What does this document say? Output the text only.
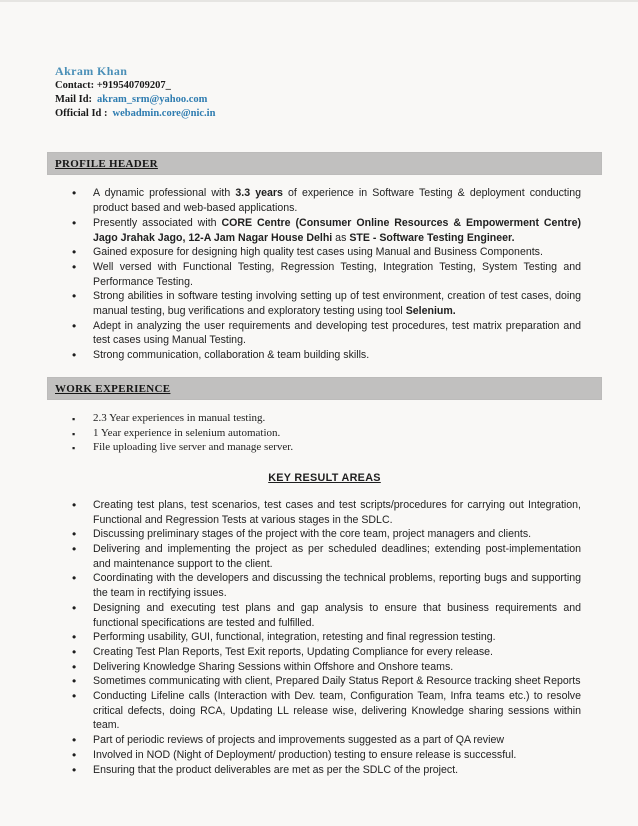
Akram Khan
Contact: +919540709207_
Mail Id: akram_srm@yahoo.com
Official Id : webadmin.core@nic.in
PROFILE HEADER
• A dynamic professional with 3.3 years of experience in Software Testing & deployment conducting product based and web-based applications.
• Presently associated with CORE Centre (Consumer Online Resources & Empowerment Centre) Jago Jrahak Jago, 12-A Jam Nagar House Delhi as STE - Software Testing Engineer.
• Gained exposure for designing high quality test cases using Manual and Business Components.
• Well versed with Functional Testing, Regression Testing, Integration Testing, System Testing and Performance Testing.
• Strong abilities in software testing involving setting up of test environment, creation of test cases, doing manual testing, bug verifications and exploratory testing using tool Selenium.
• Adept in analyzing the user requirements and developing test procedures, test matrix preparation and test cases using Manual Testing.
• Strong communication, collaboration & team building skills.
WORK EXPERIENCE
▪ 2.3 Year experiences in manual testing.
▪ 1 Year experience in selenium automation.
▪ File uploading live server and manage server.
KEY RESULT AREAS
• Creating test plans, test scenarios, test cases and test scripts/procedures for carrying out Integration, Functional and Regression Tests at various stages in the SDLC.
• Discussing preliminary stages of the project with the core team, project managers and clients.
• Delivering and implementing the project as per scheduled deadlines; extending post-implementation and maintenance support to the client.
• Coordinating with the developers and discussing the technical problems, reporting bugs and supporting the team in rectifying issues.
• Designing and executing test plans and gap analysis to ensure that business requirements and functional specifications are tested and fulfilled.
• Performing usability, GUI, functional, integration, retesting and final regression testing.
• Creating Test Plan Reports, Test Exit reports, Updating Compliance for every release.
• Delivering Knowledge Sharing Sessions within Offshore and Onshore teams.
• Sometimes communicating with client, Prepared Daily Status Report & Resource tracking sheet Reports
• Conducting Lifeline calls (Interaction with Dev. team, Configuration Team, Infra teams etc.) to resolve critical defects, doing RCA, Updating LL release wise, delivering Knowledge sharing sessions within team.
• Part of periodic reviews of projects and improvements suggested as a part of QA review
• Involved in NOD (Night of Deployment/ production) testing to ensure release is successful.
• Ensuring that the product deliverables are met as per the SDLC of the project.
